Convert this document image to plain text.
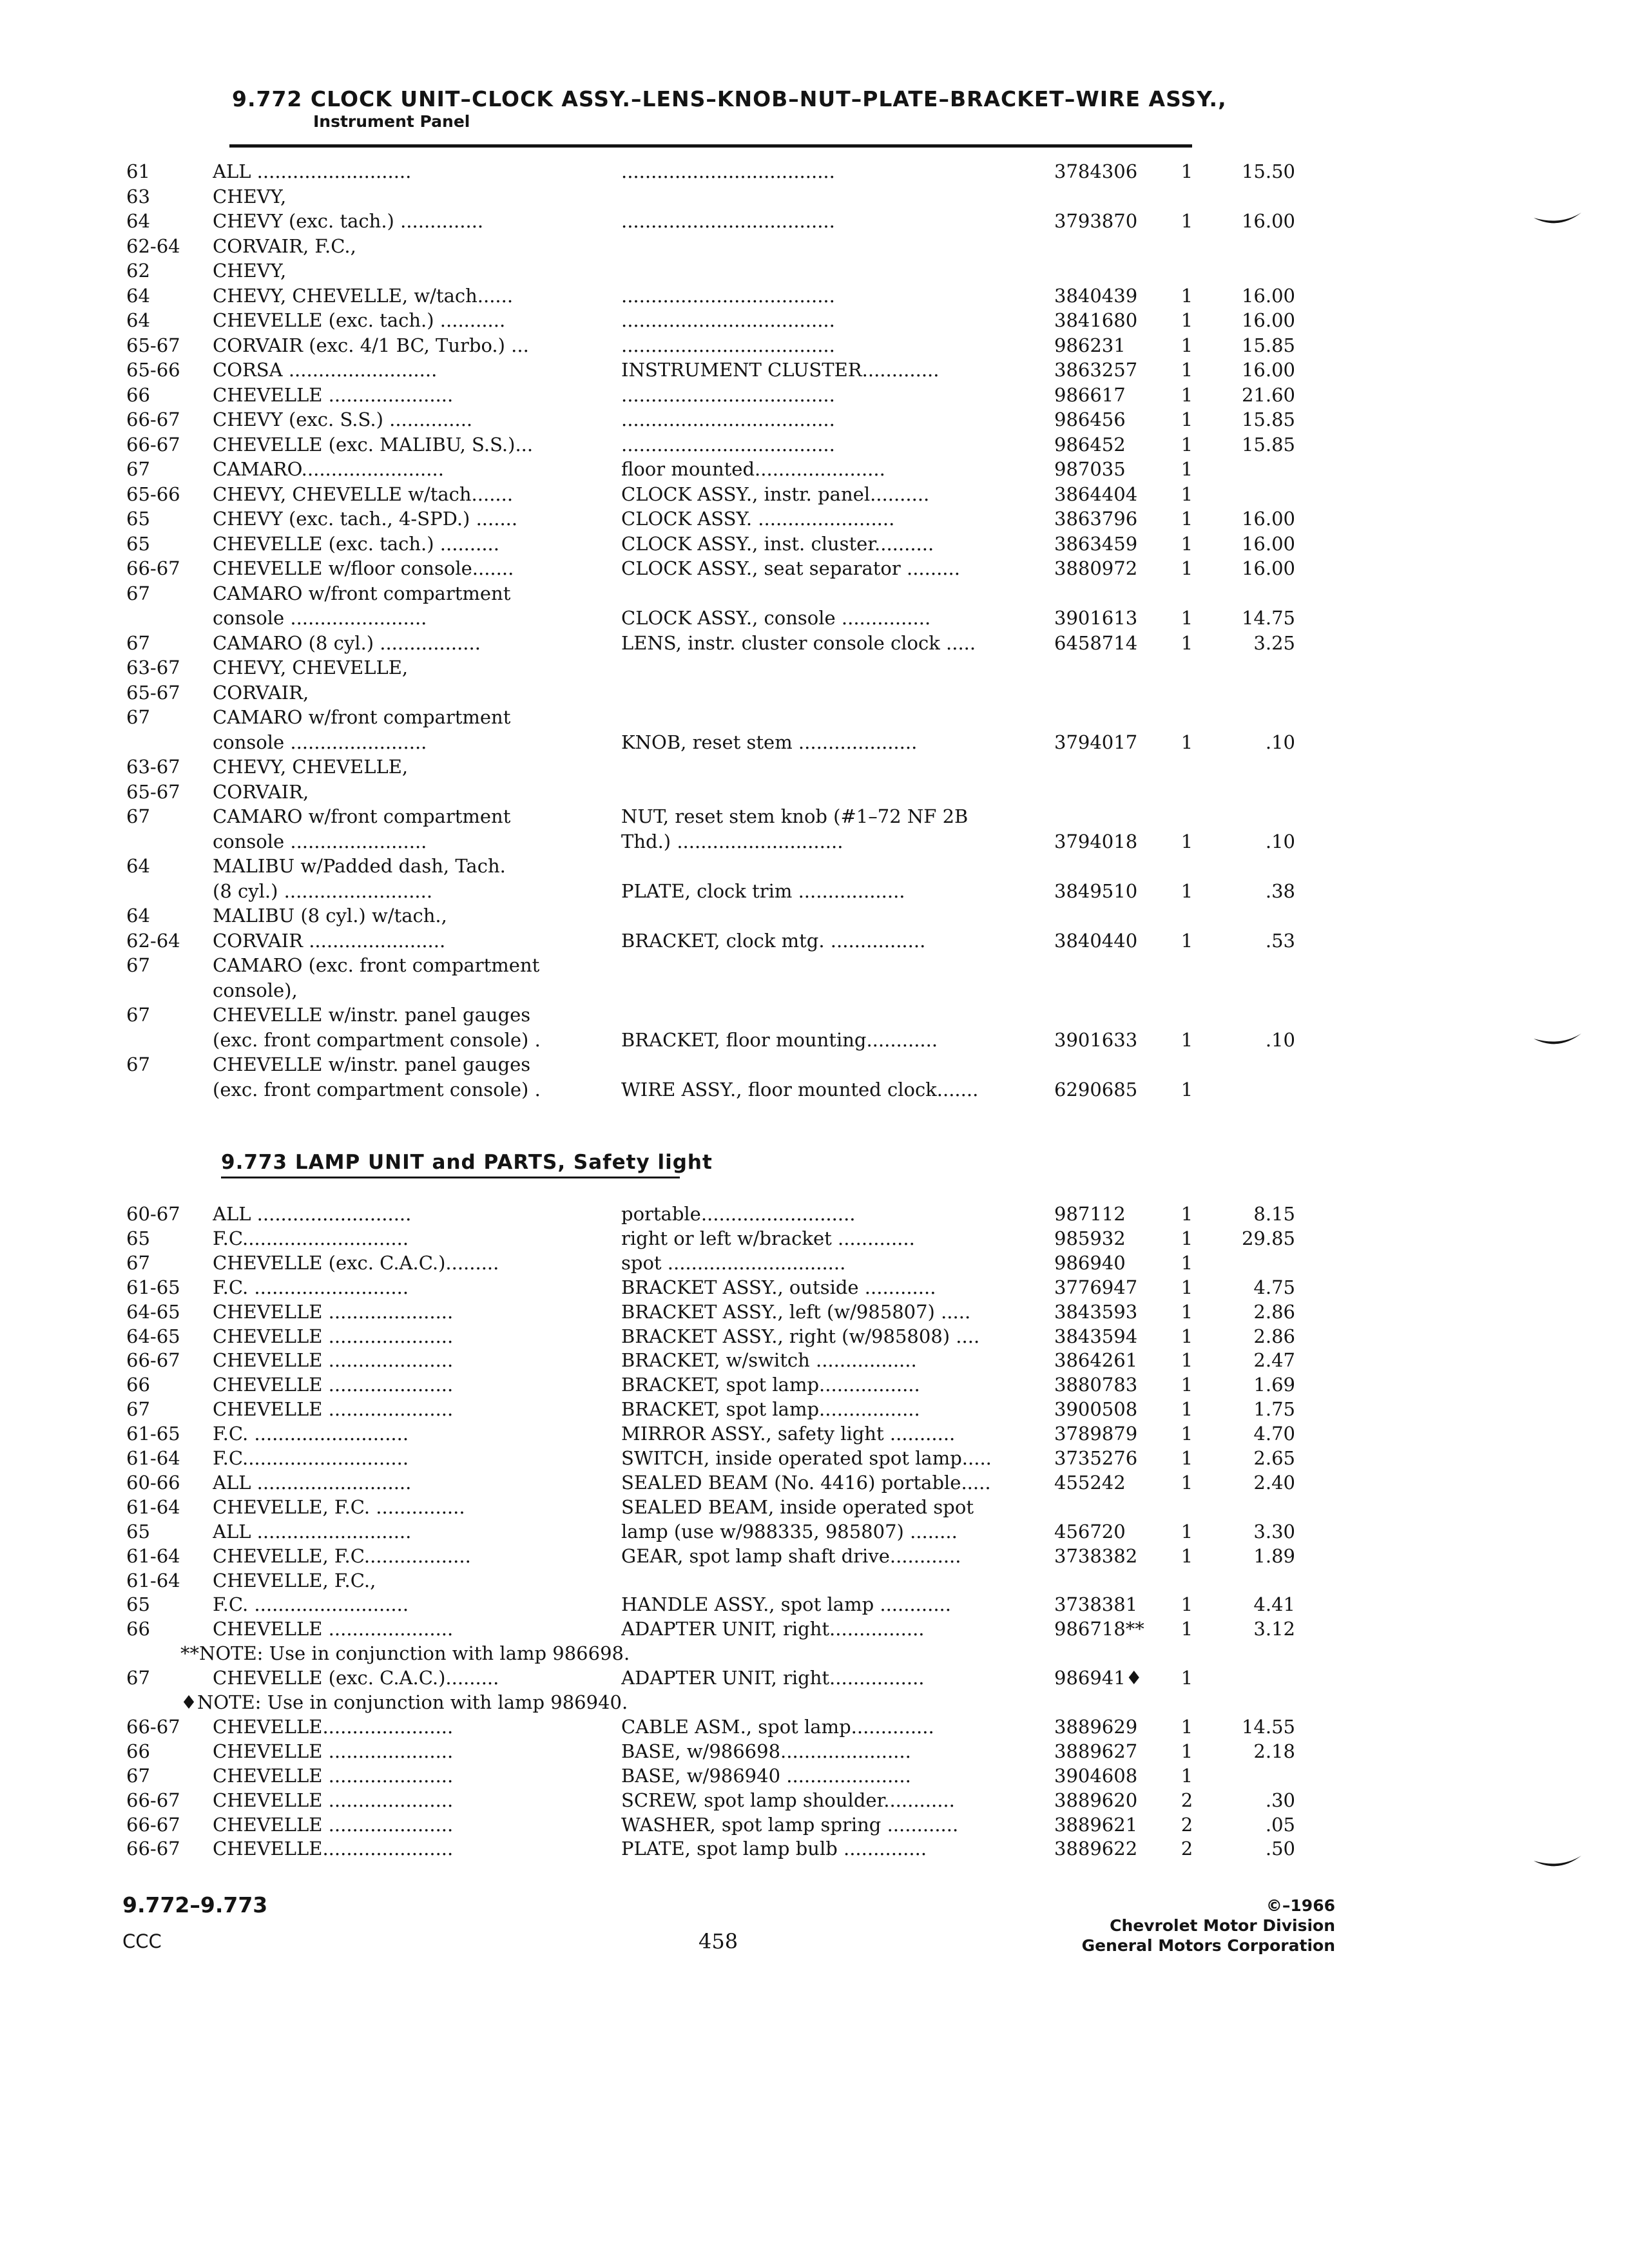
9.772 CLOCK UNIT–CLOCK ASSY.–LENS–KNOB–NUT–PLATE–BRACKET–WIRE ASSY.,
Instrument Panel
61	ALL ..........................	....................................	3784306	1	15.50
63	CHEVY,
64	CHEVY (exc. tach.) ..............	....................................	3793870	1	16.00
62-64	CORVAIR, F.C.,
62	CHEVY,
64	CHEVY, CHEVELLE, w/tach......	....................................	3840439	1	16.00
64	CHEVELLE (exc. tach.) ...........	....................................	3841680	1	16.00
65-67	CORVAIR (exc. 4/1 BC, Turbo.) ...	....................................	986231	1	15.85
65-66	CORSA .........................	INSTRUMENT CLUSTER.............	3863257	1	16.00
66	CHEVELLE .....................	....................................	986617	1	21.60
66-67	CHEVY (exc. S.S.) ..............	....................................	986456	1	15.85
66-67	CHEVELLE (exc. MALIBU, S.S.)...	....................................	986452	1	15.85
67	CAMARO........................	floor mounted......................	987035	1
65-66	CHEVY, CHEVELLE w/tach.......	CLOCK ASSY., instr. panel..........	3864404	1
65	CHEVY (exc. tach., 4-SPD.) .......	CLOCK ASSY. .......................	3863796	1	16.00
65	CHEVELLE (exc. tach.) ..........	CLOCK ASSY., inst. cluster..........	3863459	1	16.00
66-67	CHEVELLE w/floor console.......	CLOCK ASSY., seat separator .........	3880972	1	16.00
67	CAMARO w/front compartment
console .......................	CLOCK ASSY., console ...............	3901613	1	14.75
67	CAMARO (8 cyl.) .................	LENS, instr. cluster console clock .....	6458714	1	3.25
63-67	CHEVY, CHEVELLE,
65-67	CORVAIR,
67	CAMARO w/front compartment
console .......................	KNOB, reset stem ....................	3794017	1	.10
63-67	CHEVY, CHEVELLE,
65-67	CORVAIR,
67	CAMARO w/front compartment	NUT, reset stem knob (#1–72 NF 2B
console .......................	Thd.) ............................	3794018	1	.10
64	MALIBU w/Padded dash, Tach.
(8 cyl.) .........................	PLATE, clock trim ..................	3849510	1	.38
64	MALIBU (8 cyl.) w/tach.,
62-64	CORVAIR .......................	BRACKET, clock mtg. ................	3840440	1	.53
67	CAMARO (exc. front compartment
console),
67	CHEVELLE w/instr. panel gauges
(exc. front compartment console) .	BRACKET, floor mounting............	3901633	1	.10
67	CHEVELLE w/instr. panel gauges
(exc. front compartment console) .	WIRE ASSY., floor mounted clock.......	6290685	1
9.773 LAMP UNIT and PARTS, Safety light
60-67	ALL ..........................	portable..........................	987112	1	8.15
65	F.C............................	right or left w/bracket .............	985932	1	29.85
67	CHEVELLE (exc. C.A.C.).........	spot ..............................	986940	1
61-65	F.C. ..........................	BRACKET ASSY., outside ............	3776947	1	4.75
64-65	CHEVELLE .....................	BRACKET ASSY., left (w/985807) .....	3843593	1	2.86
64-65	CHEVELLE .....................	BRACKET ASSY., right (w/985808) ....	3843594	1	2.86
66-67	CHEVELLE .....................	BRACKET, w/switch .................	3864261	1	2.47
66	CHEVELLE .....................	BRACKET, spot lamp.................	3880783	1	1.69
67	CHEVELLE .....................	BRACKET, spot lamp.................	3900508	1	1.75
61-65	F.C. ..........................	MIRROR ASSY., safety light ...........	3789879	1	4.70
61-64	F.C............................	SWITCH, inside operated spot lamp.....	3735276	1	2.65
60-66	ALL ..........................	SEALED BEAM (No. 4416) portable.....	455242	1	2.40
61-64	CHEVELLE, F.C. ...............	SEALED BEAM, inside operated spot
65	ALL ..........................	lamp (use w/988335, 985807) ........	456720	1	3.30
61-64	CHEVELLE, F.C..................	GEAR, spot lamp shaft drive............	3738382	1	1.89
61-64	CHEVELLE, F.C.,
65	F.C. ..........................	HANDLE ASSY., spot lamp ............	3738381	1	4.41
66	CHEVELLE .....................	ADAPTER UNIT, right................	986718**	1	3.12
**NOTE: Use in conjunction with lamp 986698.
67	CHEVELLE (exc. C.A.C.).........	ADAPTER UNIT, right................	986941♦	1
♦NOTE: Use in conjunction with lamp 986940.
66-67	CHEVELLE......................	CABLE ASM., spot lamp..............	3889629	1	14.55
66	CHEVELLE .....................	BASE, w/986698......................	3889627	1	2.18
67	CHEVELLE .....................	BASE, w/986940 .....................	3904608	1
66-67	CHEVELLE .....................	SCREW, spot lamp shoulder............	3889620	2	.30
66-67	CHEVELLE .....................	WASHER, spot lamp spring ............	3889621	2	.05
66-67	CHEVELLE......................	PLATE, spot lamp bulb ..............	3889622	2	.50
9.772–9.773
CCC	458
©–1966
Chevrolet Motor Division
General Motors Corporation
